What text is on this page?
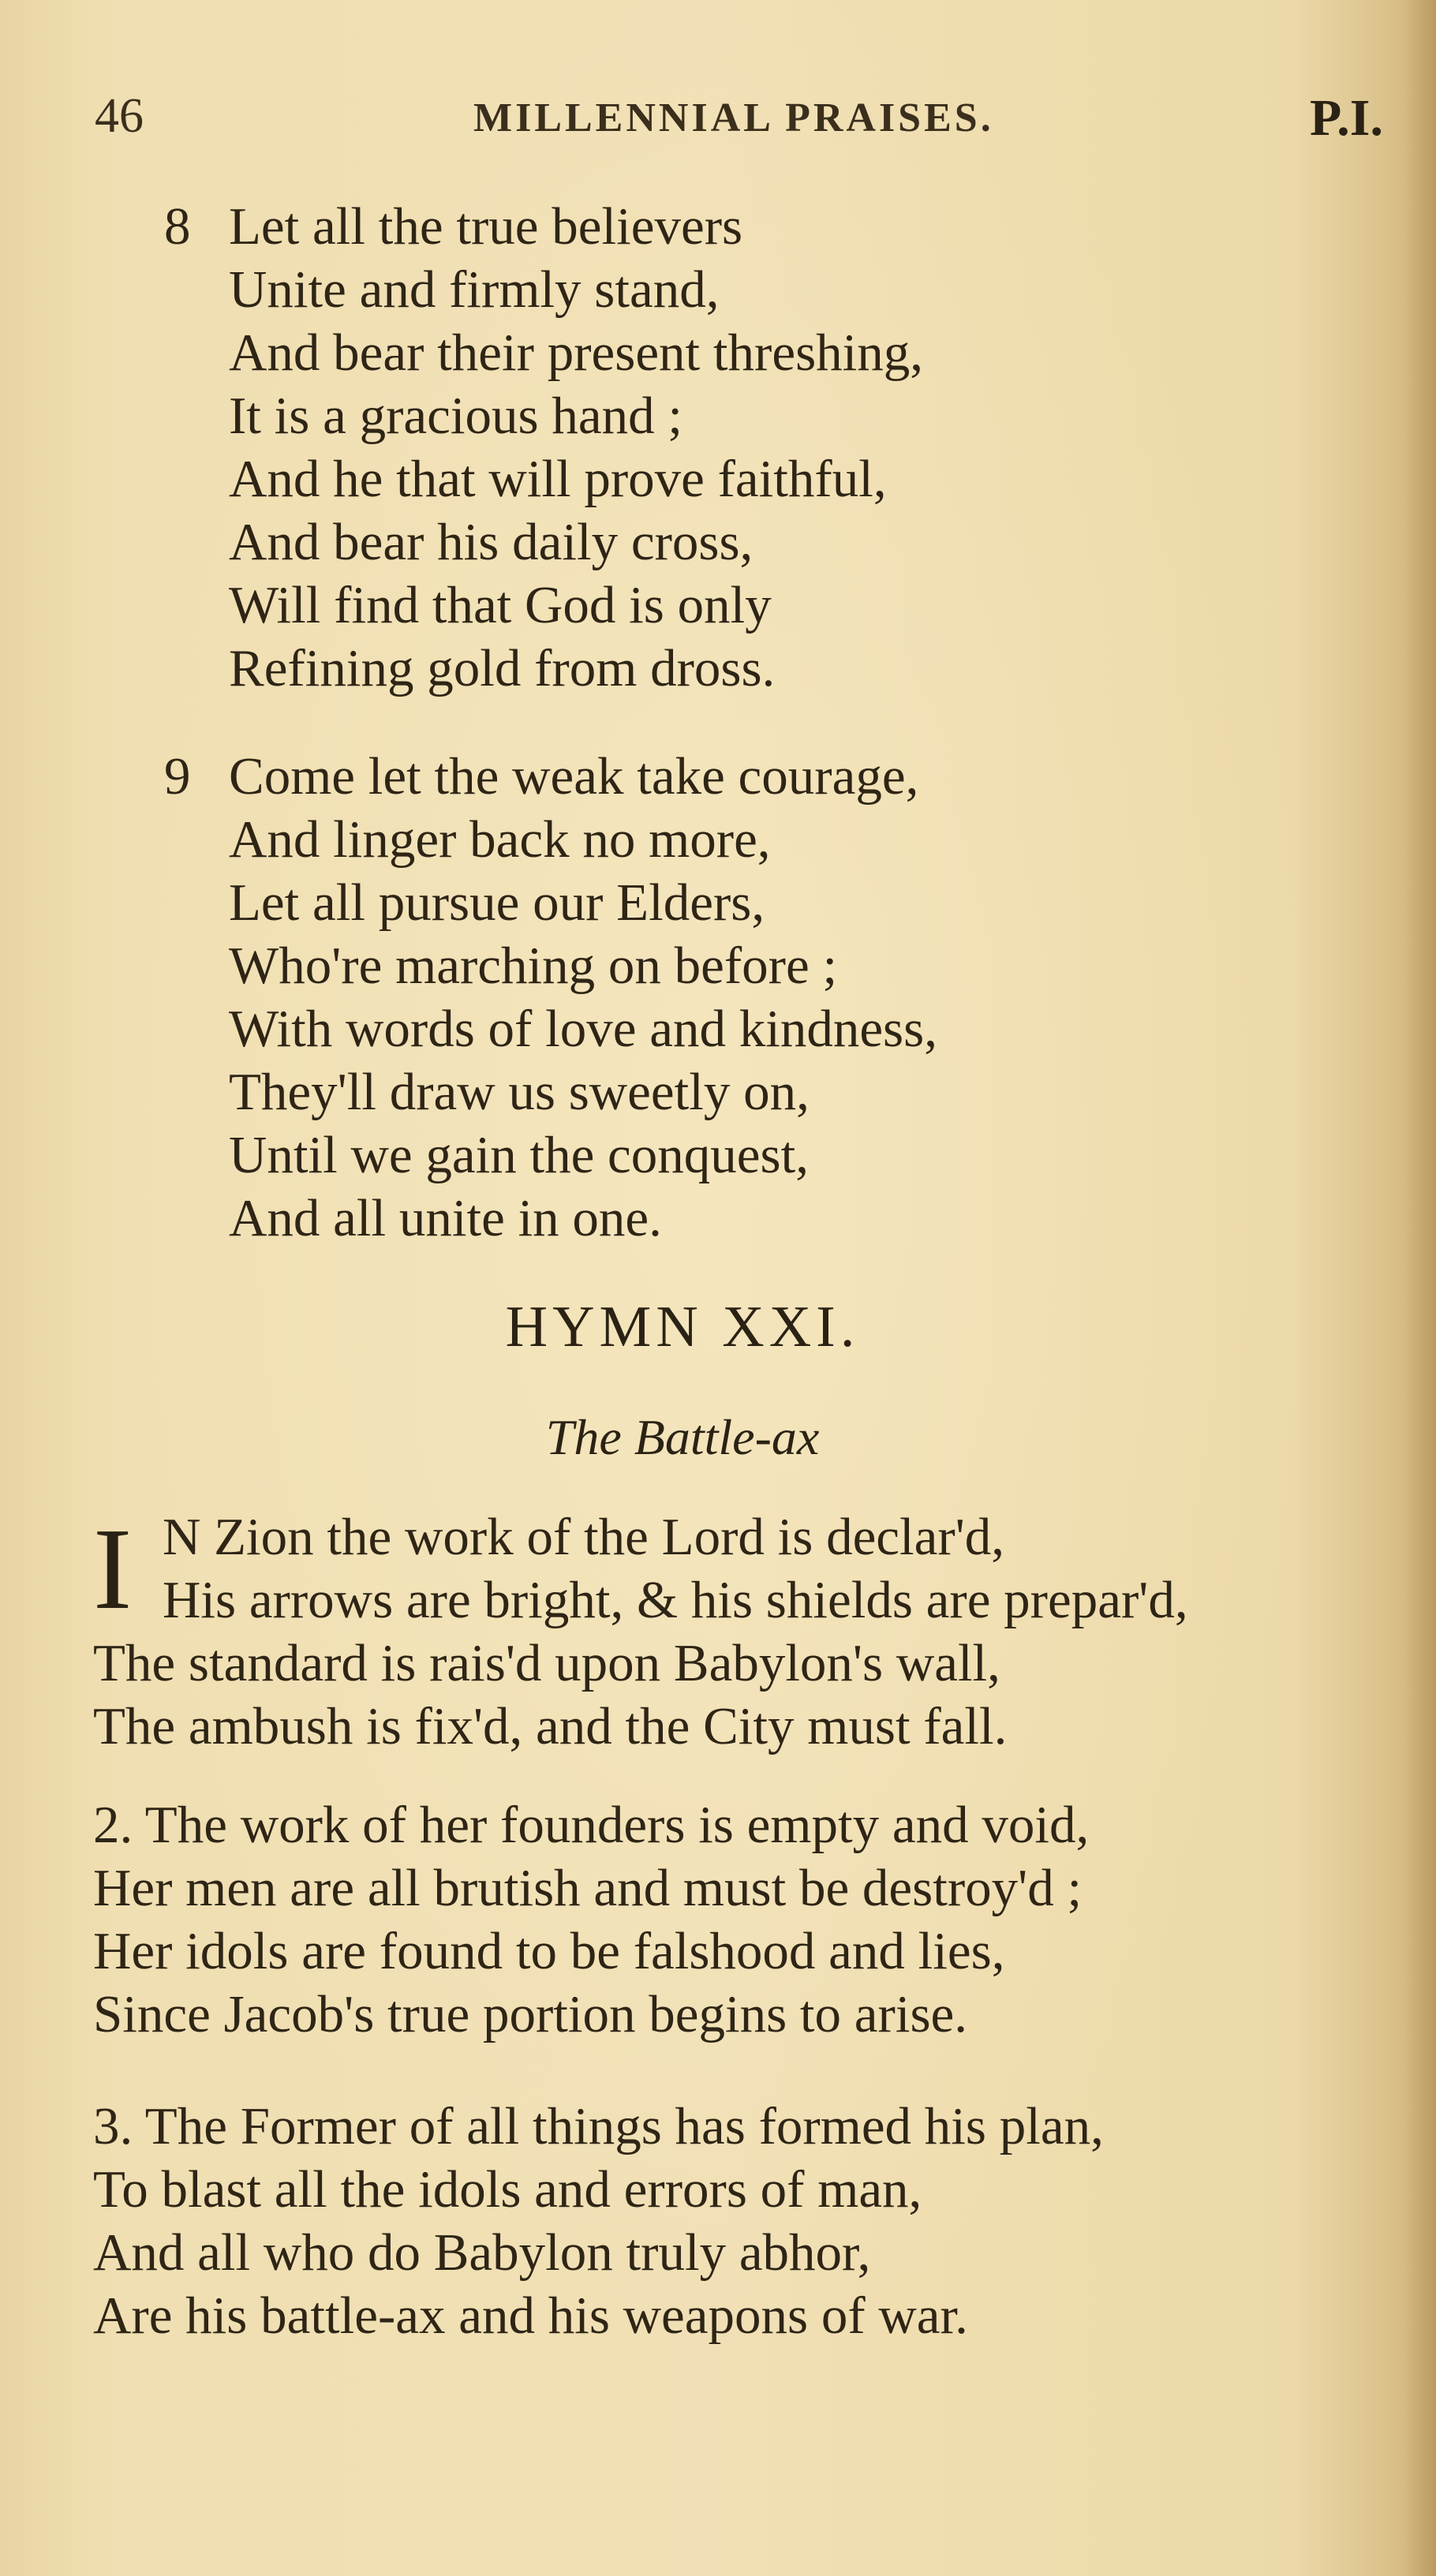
46	MILLENNIAL PRAISES.	P.I.
8 Let all the true believers
Unite and firmly stand,
And bear their present threshing,
It is a gracious hand ;
And he that will prove faithful,
And bear his daily cross,
Will find that God is only
Refining gold from dross.
9 Come let the weak take courage,
And linger back no more,
Let all pursue our Elders,
Who're marching on before ;
With words of love and kindness,
They'll draw us sweetly on,
Until we gain the conquest,
And all unite in one.
HYMN XXI.
The Battle-ax
I N Zion the work of the Lord is declar'd,
His arrows are bright, & his shields are prepar'd,
The standard is rais'd upon Babylon's wall,
The ambush is fix'd, and the City must fall.
2. The work of her founders is empty and void,
Her men are all brutish and must be destroy'd ;
Her idols are found to be falshood and lies,
Since Jacob's true portion begins to arise.
3. The Former of all things has formed his plan,
To blast all the idols and errors of man,
And all who do Babylon truly abhor,
Are his battle-ax and his weapons of war.
